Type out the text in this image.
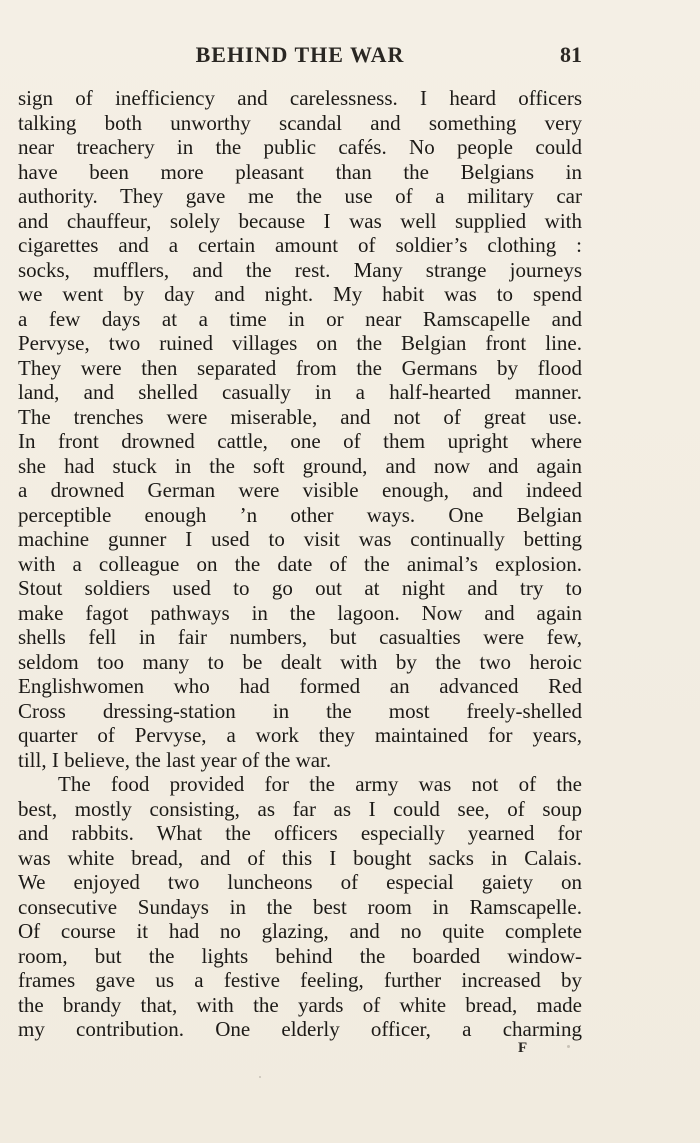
BEHIND THE WAR	81
sign of inefficiency and carelessness. I heard officers
talking both unworthy scandal and something very
near treachery in the public cafés. No people could
have been more pleasant than the Belgians in
authority. They gave me the use of a military car
and chauffeur, solely because I was well supplied with
cigarettes and a certain amount of soldier’s clothing :
socks, mufflers, and the rest. Many strange journeys
we went by day and night. My habit was to spend
a few days at a time in or near Ramscapelle and
Pervyse, two ruined villages on the Belgian front line.
They were then separated from the Germans by flood
land, and shelled casually in a half-hearted manner.
The trenches were miserable, and not of great use.
In front drowned cattle, one of them upright where
she had stuck in the soft ground, and now and again
a drowned German were visible enough, and indeed
perceptible enough ’n other ways. One Belgian
machine gunner I used to visit was continually betting
with a colleague on the date of the animal’s explosion.
Stout soldiers used to go out at night and try to
make fagot pathways in the lagoon. Now and again
shells fell in fair numbers, but casualties were few,
seldom too many to be dealt with by the two heroic
Englishwomen who had formed an advanced Red
Cross dressing-station in the most freely-shelled
quarter of Pervyse, a work they maintained for years,
till, I believe, the last year of the war.
The food provided for the army was not of the
best, mostly consisting, as far as I could see, of soup
and rabbits. What the officers especially yearned for
was white bread, and of this I bought sacks in Calais.
We enjoyed two luncheons of especial gaiety on
consecutive Sundays in the best room in Ramscapelle.
Of course it had no glazing, and no quite complete
room, but the lights behind the boarded window-
frames gave us a festive feeling, further increased by
the brandy that, with the yards of white bread, made
my contribution. One elderly officer, a charming
F
